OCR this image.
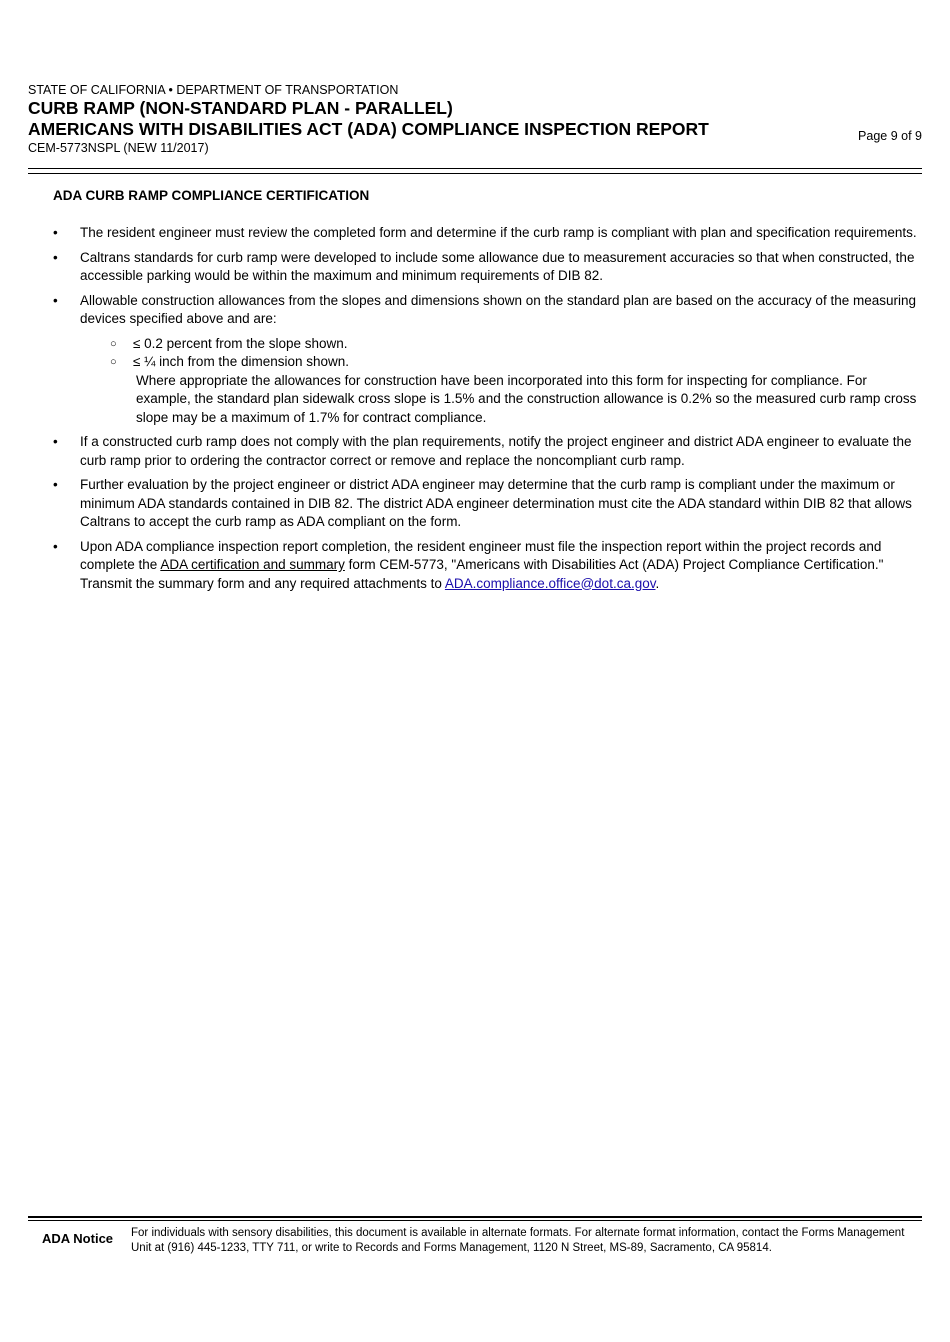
STATE OF CALIFORNIA • DEPARTMENT OF TRANSPORTATION
CURB RAMP (NON-STANDARD PLAN - PARALLEL)
AMERICANS WITH DISABILITIES ACT (ADA) COMPLIANCE INSPECTION REPORT
CEM-5773NSPL (NEW 11/2017)
Page 9 of 9
ADA CURB RAMP COMPLIANCE CERTIFICATION
• The resident engineer must review the completed form and determine if the curb ramp is compliant with plan and specification requirements.
• Caltrans standards for curb ramp were developed to include some allowance due to measurement accuracies so that when constructed, the accessible parking would be within the maximum and minimum requirements of DIB 82.
• Allowable construction allowances from the slopes and dimensions shown on the standard plan are based on the accuracy of the measuring devices specified above and are:
○ ≤ 0.2 percent from the slope shown.
○ ≤ ¼ inch from the dimension shown.
Where appropriate the allowances for construction have been incorporated into this form for inspecting for compliance. For example, the standard plan sidewalk cross slope is 1.5% and the construction allowance is 0.2% so the measured curb ramp cross slope may be a maximum of 1.7% for contract compliance.
• If a constructed curb ramp does not comply with the plan requirements, notify the project engineer and district ADA engineer to evaluate the curb ramp prior to ordering the contractor correct or remove and replace the noncompliant curb ramp.
• Further evaluation by the project engineer or district ADA engineer may determine that the curb ramp is compliant under the maximum or minimum ADA standards contained in DIB 82. The district ADA engineer determination must cite the ADA standard within DIB 82 that allows Caltrans to accept the curb ramp as ADA compliant on the form.
• Upon ADA compliance inspection report completion, the resident engineer must file the inspection report within the project records and complete the ADA certification and summary form CEM-5773, "Americans with Disabilities Act (ADA) Project Compliance Certification." Transmit the summary form and any required attachments to ADA.compliance.office@dot.ca.gov.
ADA Notice For individuals with sensory disabilities, this document is available in alternate formats. For alternate format information, contact the Forms Management Unit at (916) 445-1233, TTY 711, or write to Records and Forms Management, 1120 N Street, MS-89, Sacramento, CA 95814.
